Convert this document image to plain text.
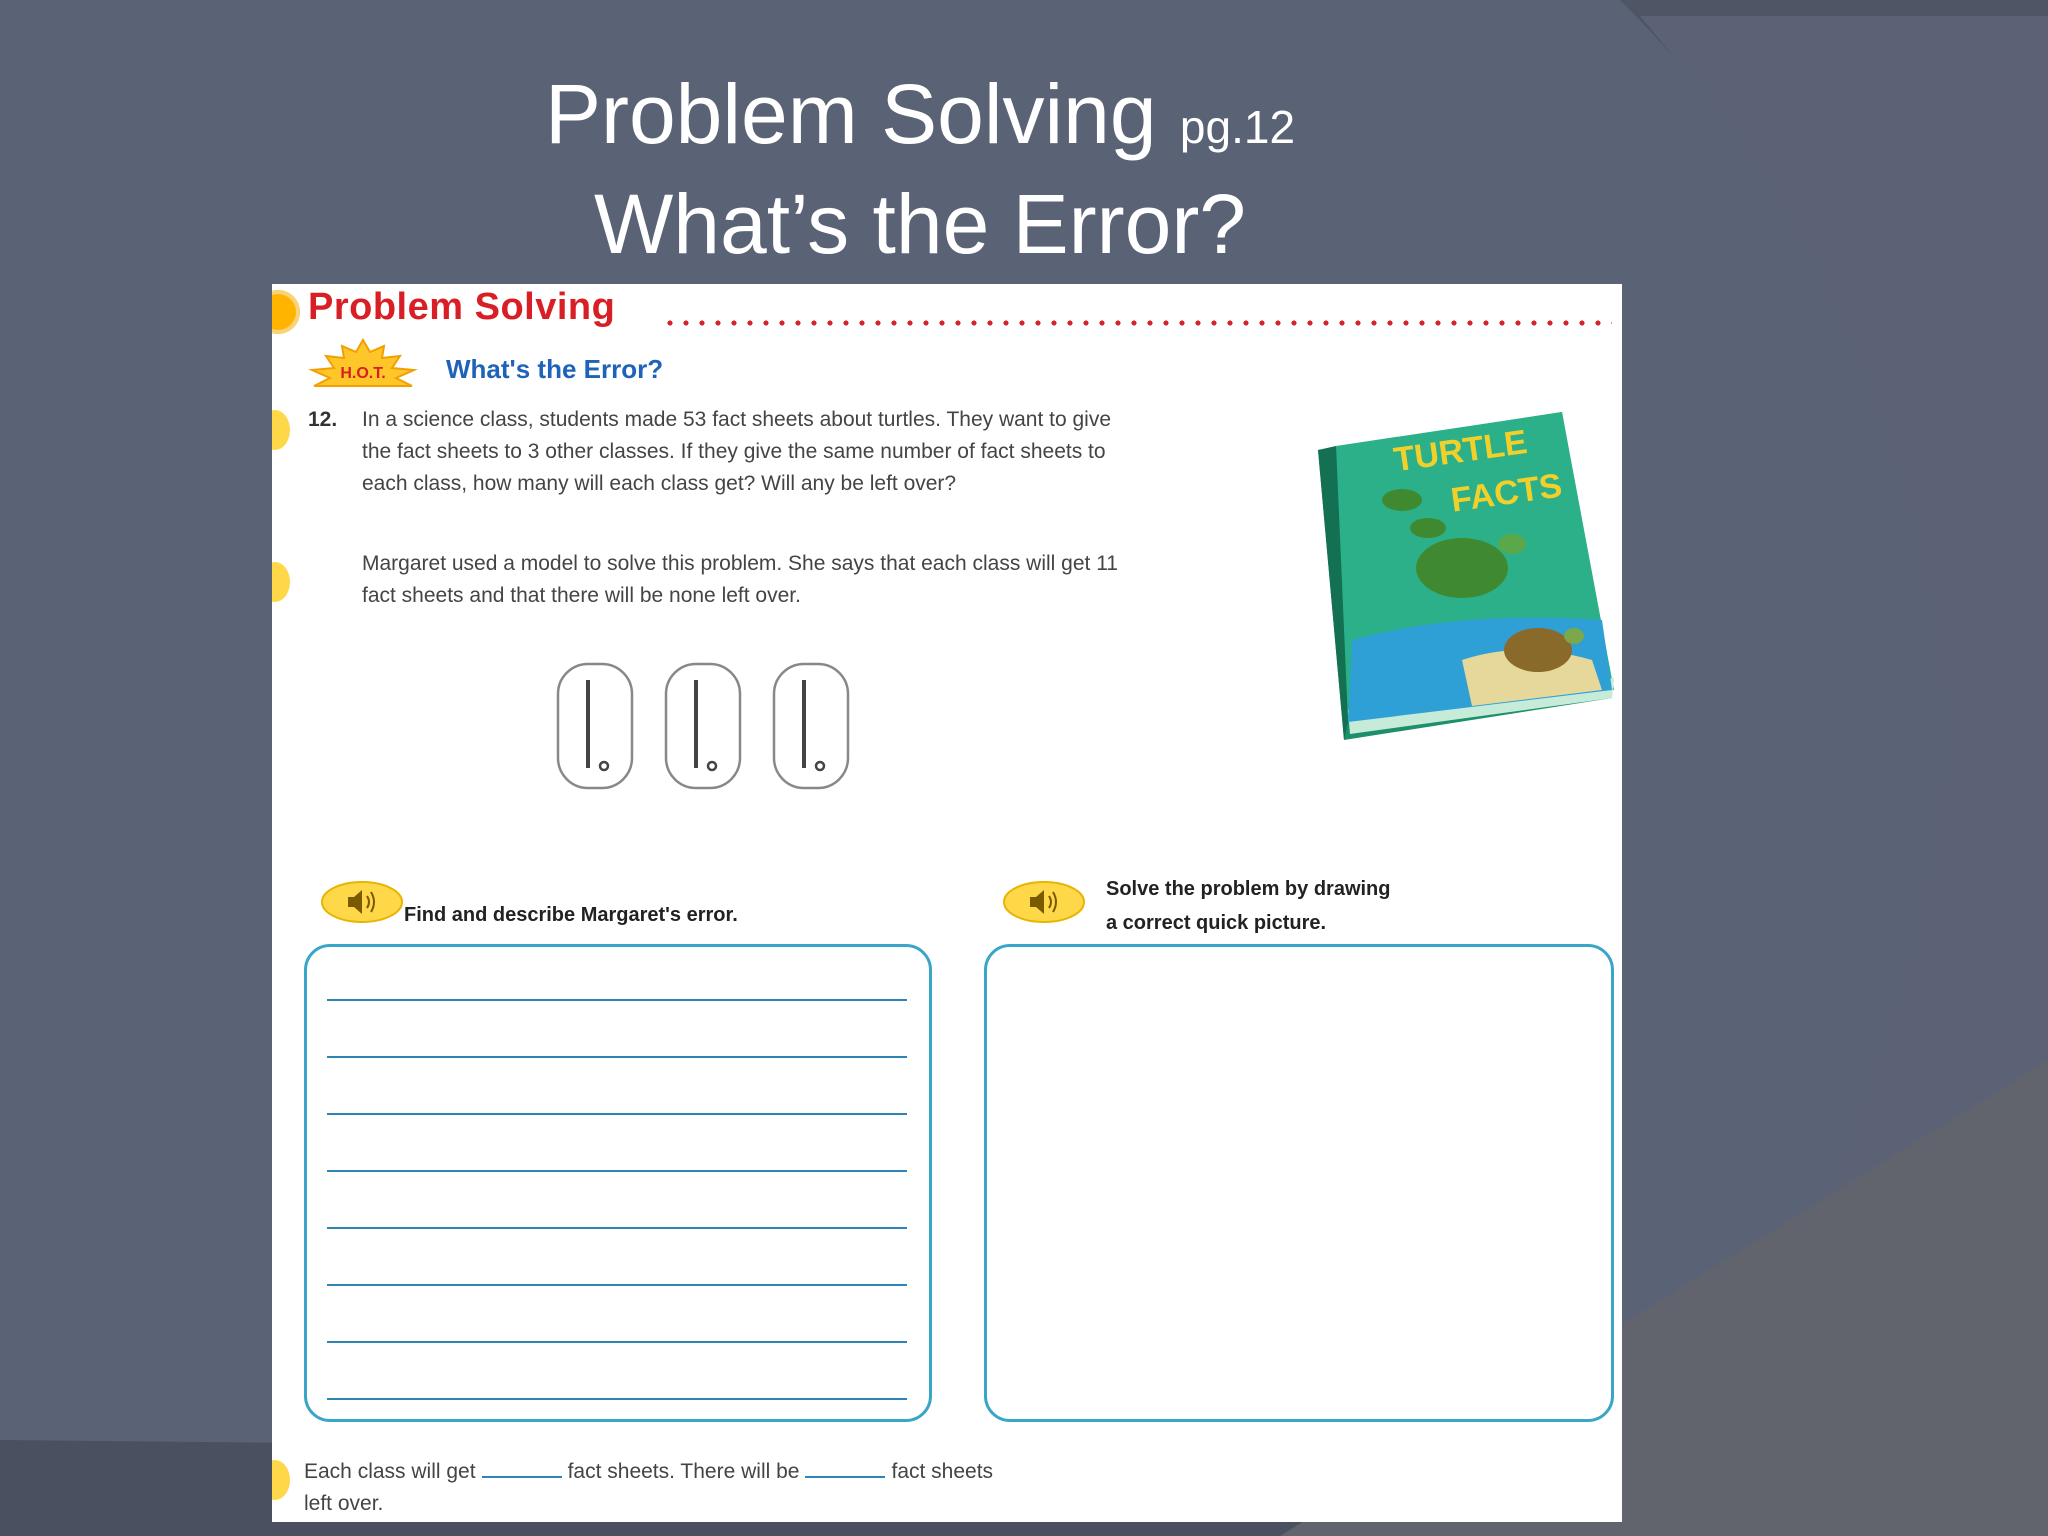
Problem Solving pg.12
What’s the Error?
Problem Solving
H.O.T. What's the Error?
12. In a science class, students made 53 fact sheets about turtles. They want to give the fact sheets to 3 other classes. If they give the same number of fact sheets to each class, how many will each class get? Will any be left over?
Margaret used a model to solve this problem. She says that each class will get 11 fact sheets and that there will be none left over.
TURTLE
FACTS
Find and describe Margaret's error.
Solve the problem by drawing
a correct quick picture.
Each class will get	fact sheets. There will be	fact sheets
left over.
